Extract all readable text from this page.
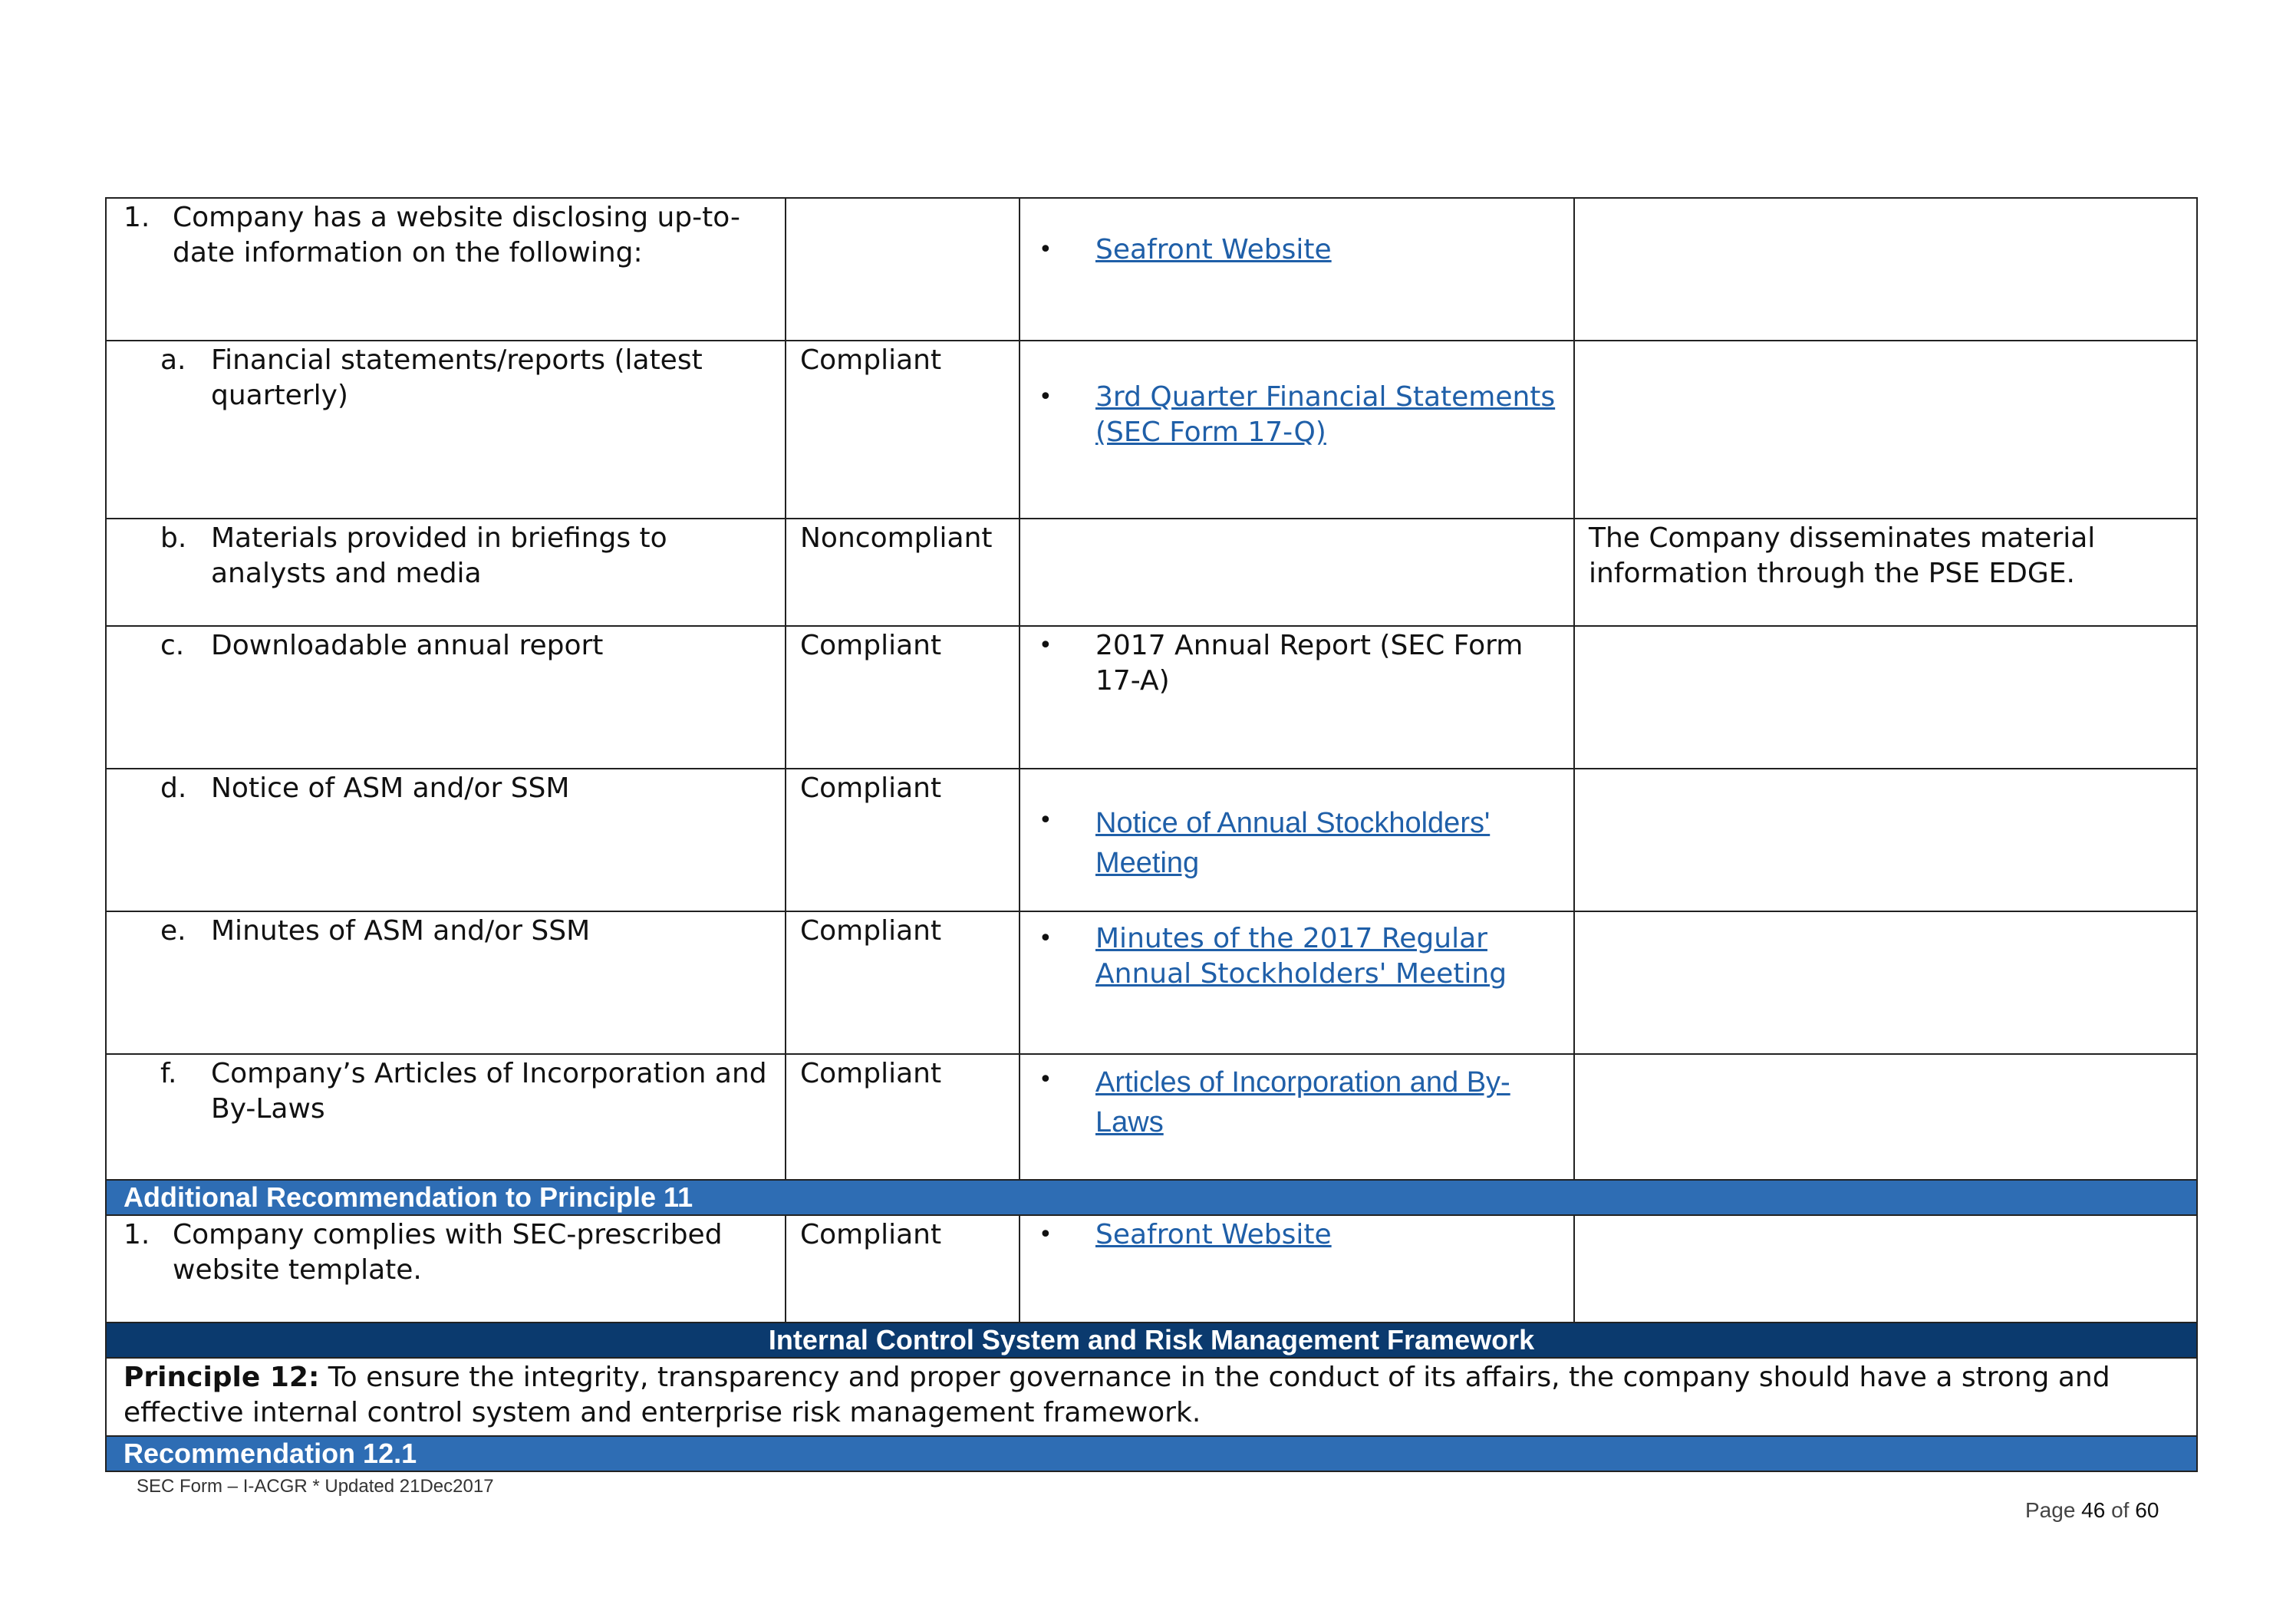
1. Company has a website disclosing up-to-date information on the following:		• Seafront Website	

a. Financial statements/reports (latest quarterly)	Compliant	• 3rd Quarter Financial Statements (SEC Form 17-Q)	

b. Materials provided in briefings to analysts and media	Noncompliant		The Company disseminates material information through the PSE EDGE.

c. Downloadable annual report	Compliant	• 2017 Annual Report (SEC Form 17-A)	

d. Notice of ASM and/or SSM	Compliant	• Notice of Annual Stockholders' Meeting	

e. Minutes of ASM and/or SSM	Compliant	• Minutes of the 2017 Regular Annual Stockholders' Meeting	

f. Company’s Articles of Incorporation and By-Laws	Compliant	• Articles of Incorporation and By-Laws	

Additional Recommendation to Principle 11			

1. Company complies with SEC-prescribed website template.	Compliant	• Seafront Website	

Internal Control System and Risk Management Framework			
Principle 12: To ensure the integrity, transparency and proper governance in the conduct of its affairs, the company should have a strong and effective internal control system and enterprise risk management framework.			
Recommendation 12.1			
SEC Form – I-ACGR * Updated 21Dec2017
Page 46 of 60
